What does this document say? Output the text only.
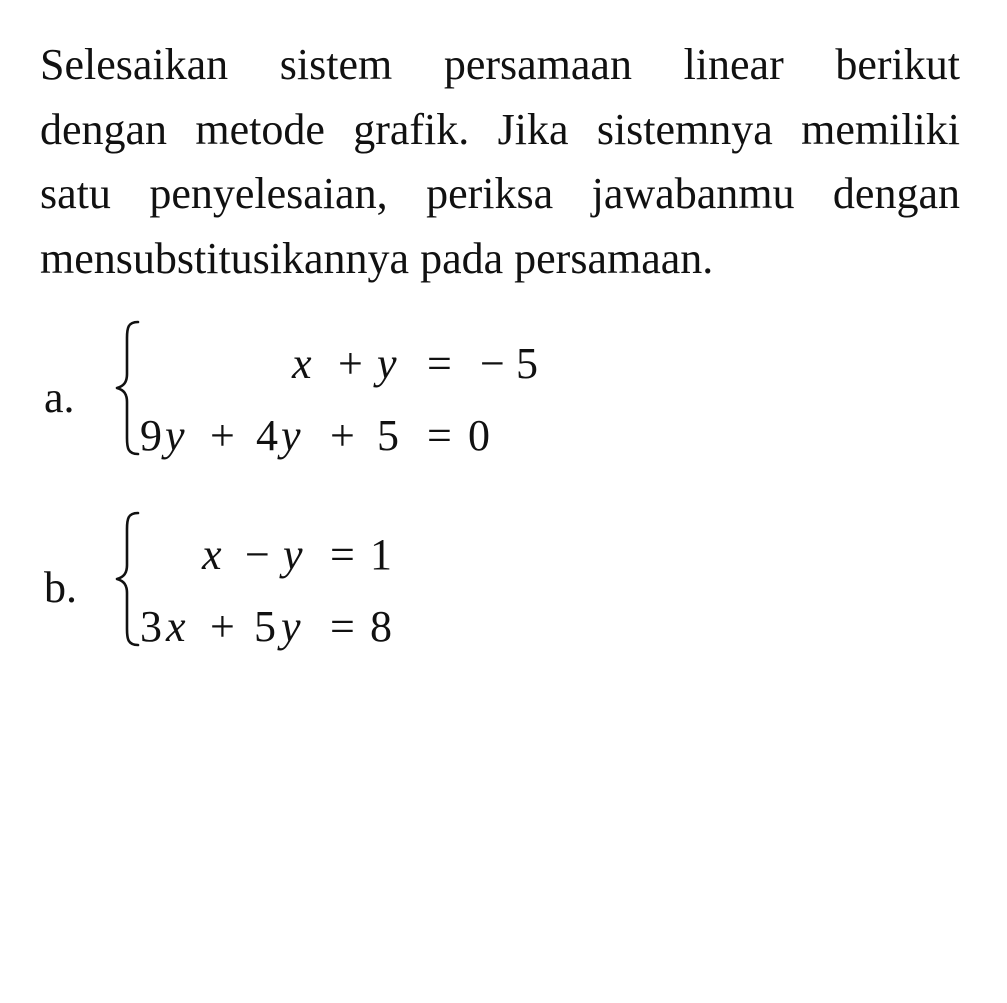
Selesaikan sistem persamaan linear berikut
dengan metode grafik. Jika sistemnya memiliki
satu penyelesaian, periksa jawabanmu dengan
mensubstitusikannya pada persamaan.
a.

x

+

y

=

−

5

9

y

+

4

y

+

5

=

0

b.

x

−

y

=

1

3

x

+

5

y

=

8
